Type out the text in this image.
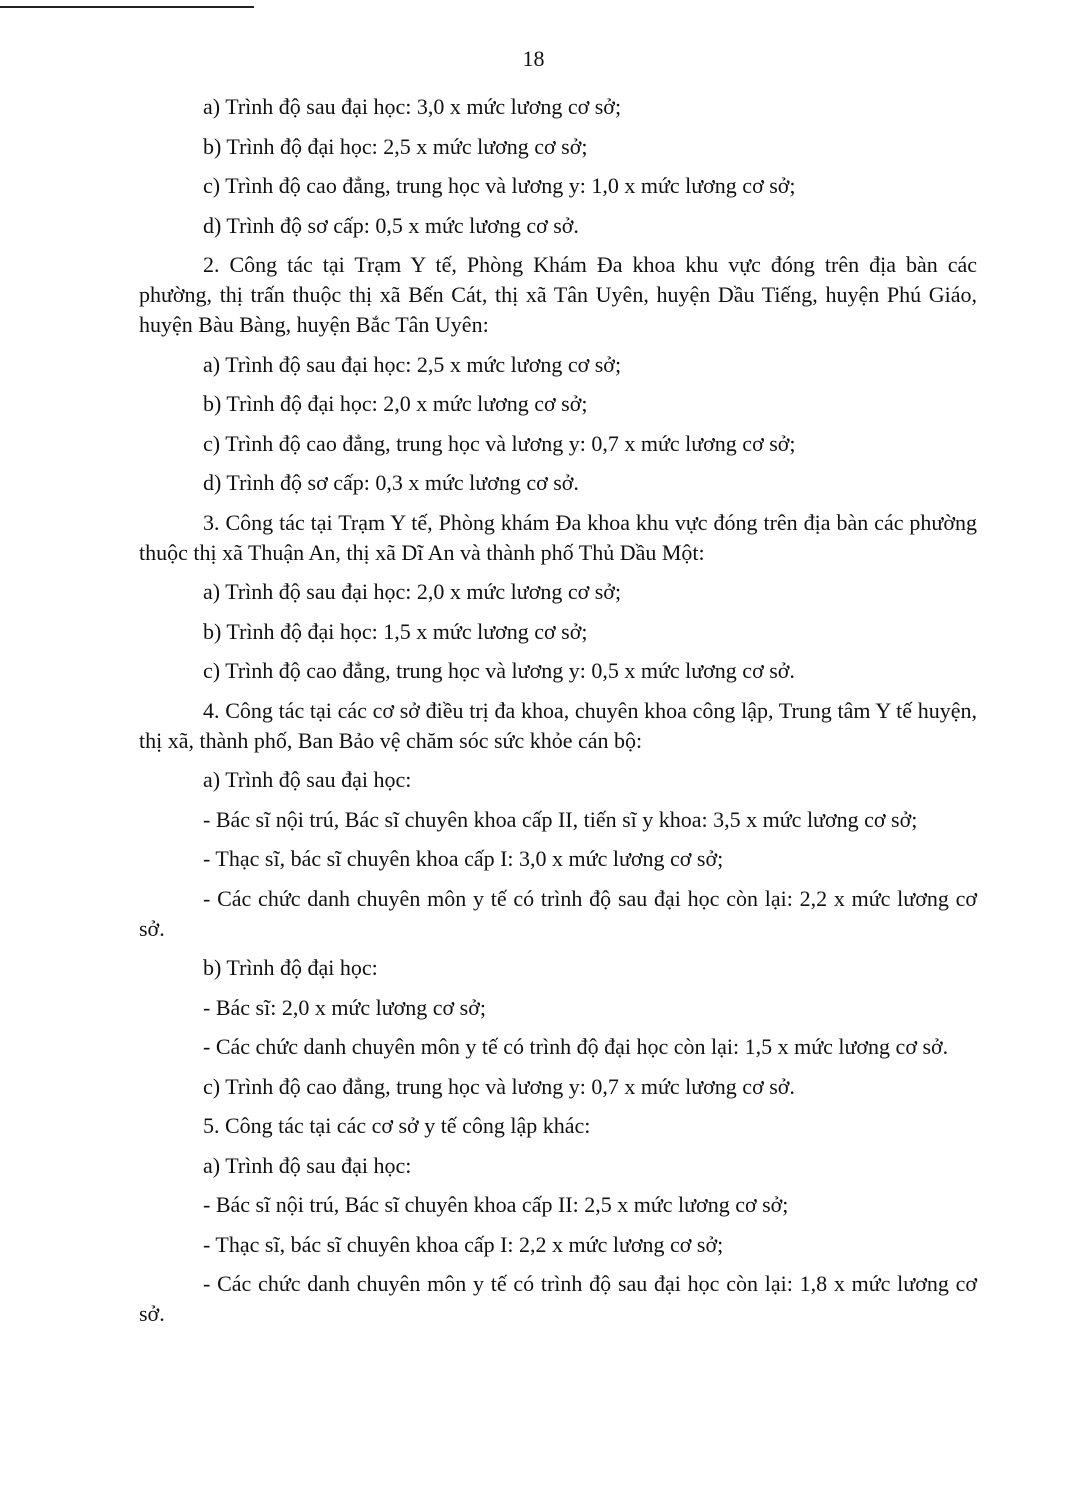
18

a) Trình độ sau đại học: 3,0 x mức lương cơ sở;

b) Trình độ đại học: 2,5 x mức lương cơ sở;

c) Trình độ cao đẳng, trung học và lương y: 1,0 x mức lương cơ sở;

d) Trình độ sơ cấp: 0,5 x mức lương cơ sở.

2. Công tác tại Trạm Y tế, Phòng Khám Đa khoa khu vực đóng trên địa bàn các phường, thị trấn thuộc thị xã Bến Cát, thị xã Tân Uyên, huyện Dầu Tiếng, huyện Phú Giáo, huyện Bàu Bàng, huyện Bắc Tân Uyên:

a) Trình độ sau đại học: 2,5 x mức lương cơ sở;

b) Trình độ đại học: 2,0 x mức lương cơ sở;

c) Trình độ cao đẳng, trung học và lương y: 0,7 x mức lương cơ sở;

d) Trình độ sơ cấp: 0,3 x mức lương cơ sở.

3. Công tác tại Trạm Y tế, Phòng khám Đa khoa khu vực đóng trên địa bàn các phường thuộc thị xã Thuận An, thị xã Dĩ An và thành phố Thủ Dầu Một:

a) Trình độ sau đại học: 2,0 x mức lương cơ sở;

b) Trình độ đại học: 1,5 x mức lương cơ sở;

c) Trình độ cao đẳng, trung học và lương y: 0,5 x mức lương cơ sở.

4. Công tác tại các cơ sở điều trị đa khoa, chuyên khoa công lập, Trung tâm Y tế huyện, thị xã, thành phố, Ban Bảo vệ chăm sóc sức khỏe cán bộ:

a) Trình độ sau đại học:

- Bác sĩ nội trú, Bác sĩ chuyên khoa cấp II, tiến sĩ y khoa: 3,5 x mức lương cơ sở;

- Thạc sĩ, bác sĩ chuyên khoa cấp I: 3,0 x mức lương cơ sở;

- Các chức danh chuyên môn y tế có trình độ sau đại học còn lại: 2,2 x mức lương cơ sở.

b) Trình độ đại học:

- Bác sĩ: 2,0 x mức lương cơ sở;

- Các chức danh chuyên môn y tế có trình độ đại học còn lại: 1,5 x mức lương cơ sở.

c) Trình độ cao đẳng, trung học và lương y: 0,7 x mức lương cơ sở.

5. Công tác tại các cơ sở y tế công lập khác:

a) Trình độ sau đại học:

- Bác sĩ nội trú, Bác sĩ chuyên khoa cấp II: 2,5 x mức lương cơ sở;

- Thạc sĩ, bác sĩ chuyên khoa cấp I: 2,2 x mức lương cơ sở;

- Các chức danh chuyên môn y tế có trình độ sau đại học còn lại: 1,8 x mức lương cơ sở.
